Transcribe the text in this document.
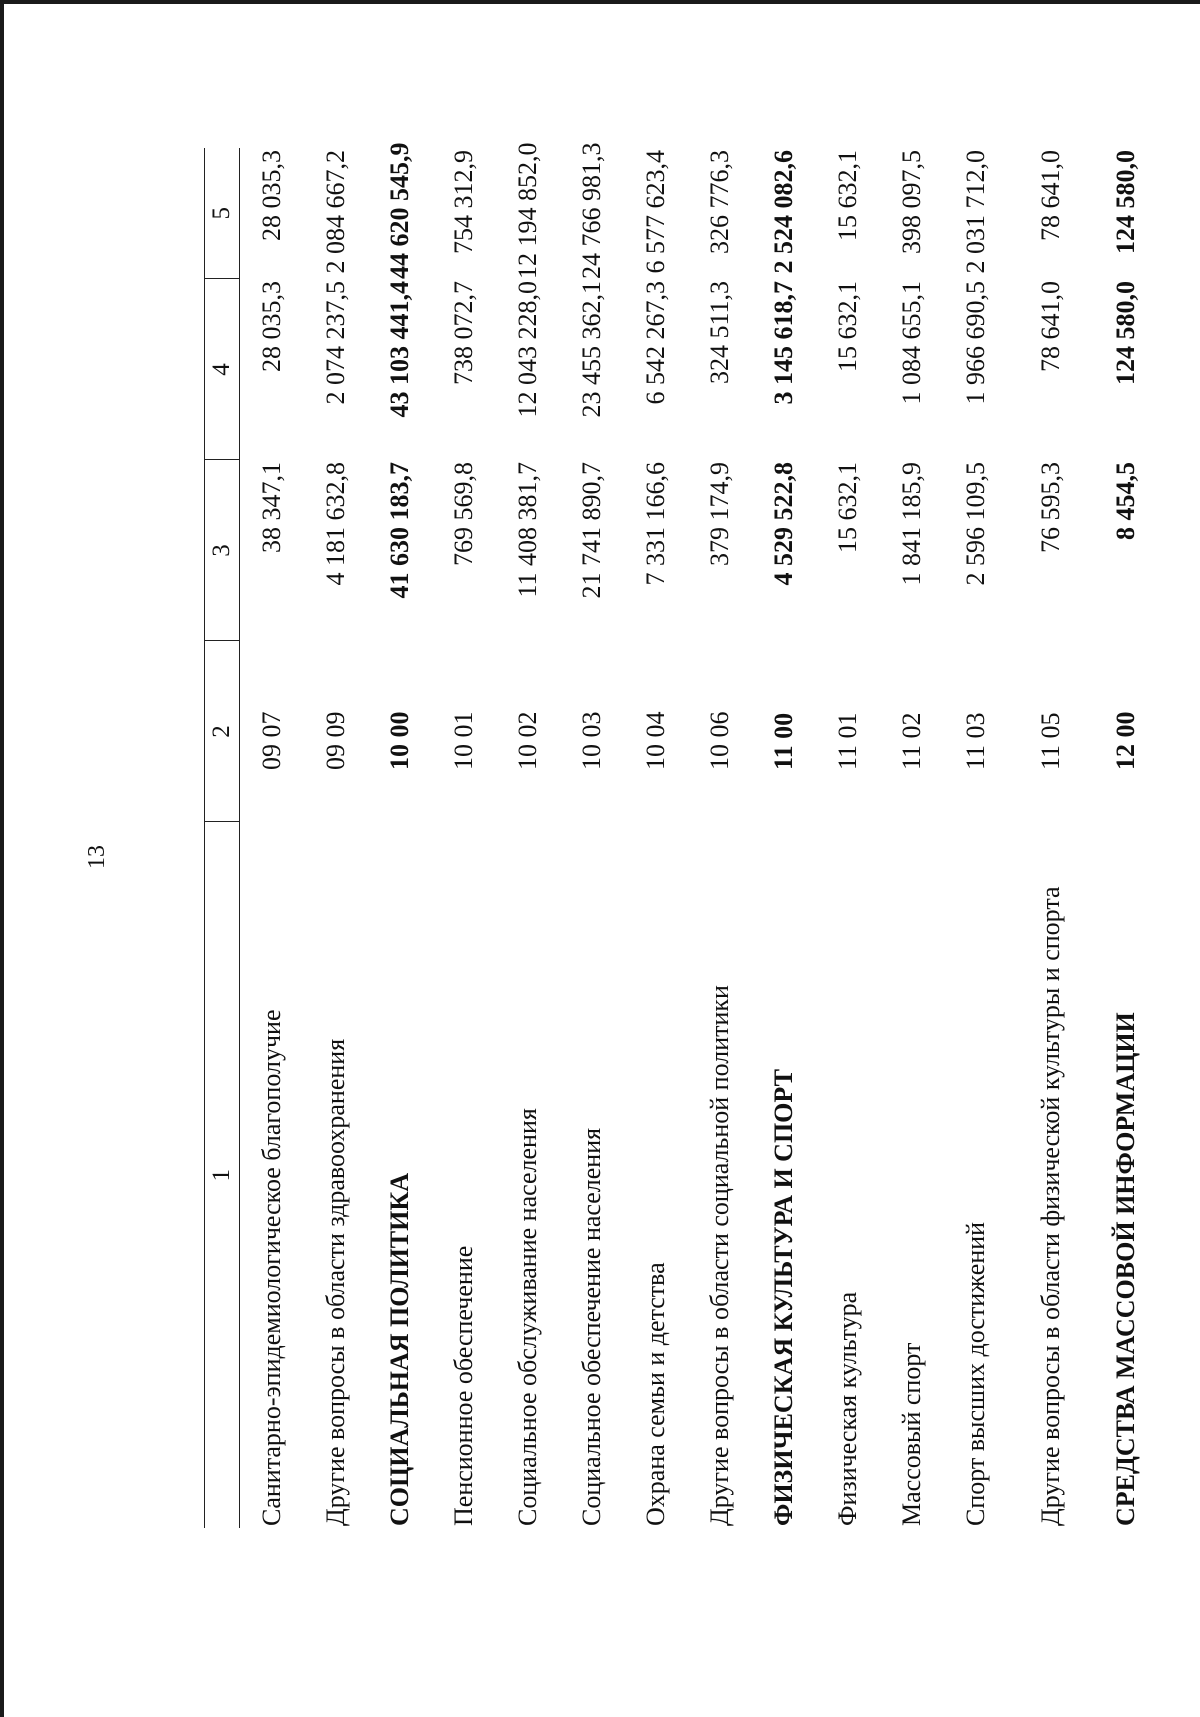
13
1	2	3	4	5
Санитарно-эпидемиологическое благополучие	09 07	38 347,1	28 035,3	28 035,3
Другие вопросы в области здравоохранения	09 09	4 181 632,8	2 074 237,5	2 084 667,2
СОЦИАЛЬНАЯ ПОЛИТИКА	10 00	41 630 183,7	43 103 441,4	44 620 545,9
Пенсионное обеспечение	10 01	769 569,8	738 072,7	754 312,9
Социальное обслуживание населения	10 02	11 408 381,7	12 043 228,0	12 194 852,0
Социальное обеспечение населения	10 03	21 741 890,7	23 455 362,1	24 766 981,3
Охрана семьи и детства	10 04	7 331 166,6	6 542 267,3	6 577 623,4
Другие вопросы в области социальной политики	10 06	379 174,9	324 511,3	326 776,3
ФИЗИЧЕСКАЯ КУЛЬТУРА И СПОРТ	11 00	4 529 522,8	3 145 618,7	2 524 082,6
Физическая культура	11 01	15 632,1	15 632,1	15 632,1
Массовый спорт	11 02	1 841 185,9	1 084 655,1	398 097,5
Спорт высших достижений	11 03	2 596 109,5	1 966 690,5	2 031 712,0
Другие вопросы в области физической культуры и спорта	11 05	76 595,3	78 641,0	78 641,0
СРЕДСТВА МАССОВОЙ ИНФОРМАЦИИ	12 00	8 454,5	124 580,0	124 580,0
